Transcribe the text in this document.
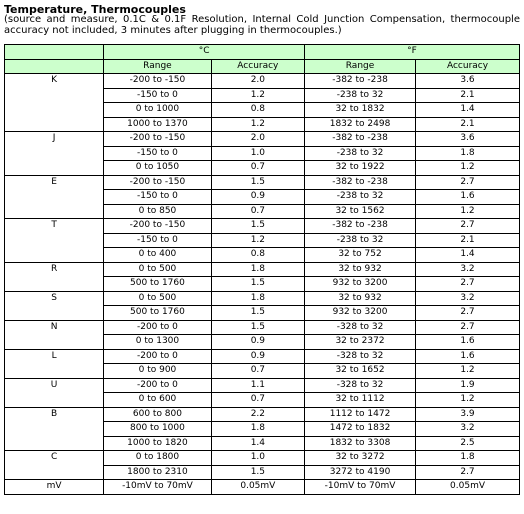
Temperature, Thermocouples
(source and measure, 0.1C & 0.1F Resolution, Internal Cold Junction Compensation, thermocouple accuracy not included, 3 minutes after plugging in thermocouples.)
	°C		°F	
	Range	Accuracy	Range	Accuracy
K	-200 to -150	2.0	-382 to -238	3.6
	-150 to 0	1.2	-238 to 32	2.1
	0 to 1000	0.8	32 to 1832	1.4
	1000 to 1370	1.2	1832 to 2498	2.1
J	-200 to -150	2.0	-382 to -238	3.6
	-150 to 0	1.0	-238 to 32	1.8
	0 to 1050	0.7	32 to 1922	1.2
E	-200 to -150	1.5	-382 to -238	2.7
	-150 to 0	0.9	-238 to 32	1.6
	0 to 850	0.7	32 to 1562	1.2
T	-200 to -150	1.5	-382 to -238	2.7
	-150 to 0	1.2	-238 to 32	2.1
	0 to 400	0.8	32 to 752	1.4
R	0 to 500	1.8	32 to 932	3.2
	500 to 1760	1.5	932 to 3200	2.7
S	0 to 500	1.8	32 to 932	3.2
	500 to 1760	1.5	932 to 3200	2.7
N	-200 to 0	1.5	-328 to 32	2.7
	0 to 1300	0.9	32 to 2372	1.6
L	-200 to 0	0.9	-328 to 32	1.6
	0 to 900	0.7	32 to 1652	1.2
U	-200 to 0	1.1	-328 to 32	1.9
	0 to 600	0.7	32 to 1112	1.2
B	600 to 800	2.2	1112 to 1472	3.9
	800 to 1000	1.8	1472 to 1832	3.2
	1000 to 1820	1.4	1832 to 3308	2.5
C	0 to 1800	1.0	32 to 3272	1.8
	1800 to 2310	1.5	3272 to 4190	2.7
mV	-10mV to 70mV	0.05mV	-10mV to 70mV	0.05mV
